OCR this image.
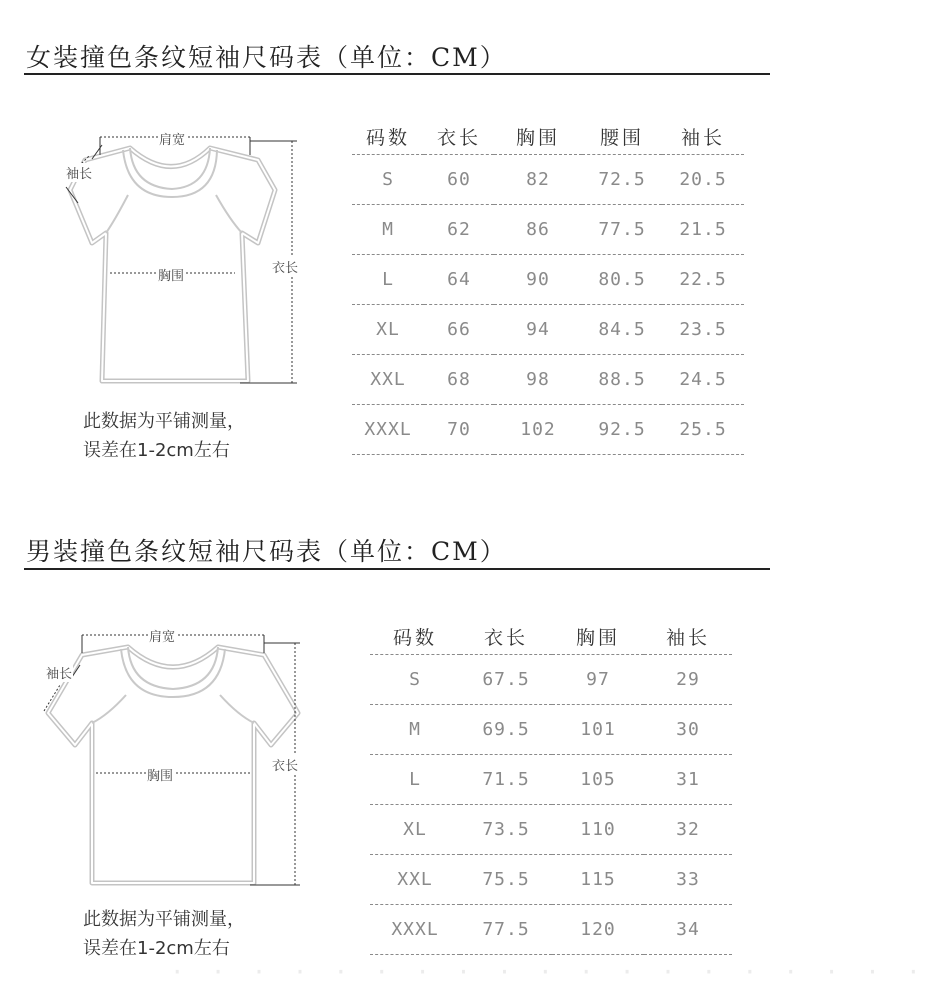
女装撞色条纹短袖尺码表（单位：CM）
肩宽
袖长
胸围
衣长
此数据为平铺测量，
误差在1-2cm左右
码数	衣长	胸围	腰围	袖长
S	60	82	72.5	20.5
M	62	86	77.5	21.5
L	64	90	80.5	22.5
XL	66	94	84.5	23.5
XXL	68	98	88.5	24.5
XXXL	70	102	92.5	25.5
男装撞色条纹短袖尺码表（单位：CM）
肩宽
袖长
胸围
衣长
此数据为平铺测量，
误差在1-2cm左右
码数	衣长	胸围	袖长
S	67.5	97	29
M	69.5	101	30
L	71.5	105	31
XL	73.5	110	32
XXL	75.5	115	33
XXXL	77.5	120	34
· · · · · · · · · · · · · · · · · · ·
